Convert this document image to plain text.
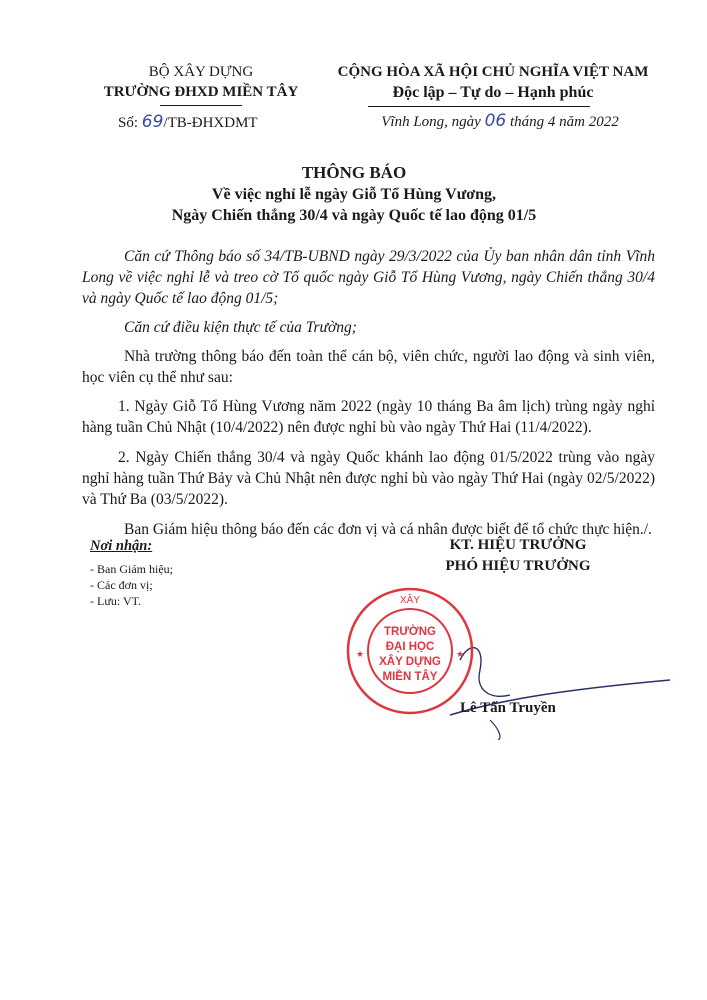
BỘ XÂY DỰNG
TRƯỜNG ĐHXD MIỀN TÂY
Số: 69/TB-ĐHXDMT
CỘNG HÒA XÃ HỘI CHỦ NGHĨA VIỆT NAM
Độc lập – Tự do – Hạnh phúc
Vĩnh Long, ngày 06 tháng 4 năm 2022
THÔNG BÁO
Về việc nghỉ lễ ngày Giỗ Tổ Hùng Vương,
Ngày Chiến thắng 30/4 và ngày Quốc tế lao động 01/5

Căn cứ Thông báo số 34/TB-UBND ngày 29/3/2022 của Ủy ban nhân dân tỉnh Vĩnh Long về việc nghỉ lễ và treo cờ Tổ quốc ngày Giỗ Tổ Hùng Vương, ngày Chiến thắng 30/4 và ngày Quốc tế lao động 01/5;

Căn cứ điều kiện thực tế của Trường;

Nhà trường thông báo đến toàn thể cán bộ, viên chức, người lao động và sinh viên, học viên cụ thể như sau:

1. Ngày Giỗ Tổ Hùng Vương năm 2022 (ngày 10 tháng Ba âm lịch) trùng ngày nghỉ hàng tuần Chủ Nhật (10/4/2022) nên được nghỉ bù vào ngày Thứ Hai (11/4/2022).

2. Ngày Chiến thắng 30/4 và ngày Quốc khánh lao động 01/5/2022 trùng vào ngày nghỉ hàng tuần Thứ Bảy và Chủ Nhật nên được nghỉ bù vào ngày Thứ Hai (ngày 02/5/2022) và Thứ Ba (03/5/2022).

Ban Giám hiệu thông báo đến các đơn vị và cá nhân được biết để tổ chức thực hiện./.

Nơi nhận:
- Ban Giám hiệu;
- Các đơn vị;
- Lưu: VT.
KT. HIỆU TRƯỞNG
PHÓ HIỆU TRƯỞNG
XÂY
★	★
TRƯỜNG
ĐẠI HỌC
XÂY DỰNG
MIỀN TÂY
Lê Tấn Truyền
